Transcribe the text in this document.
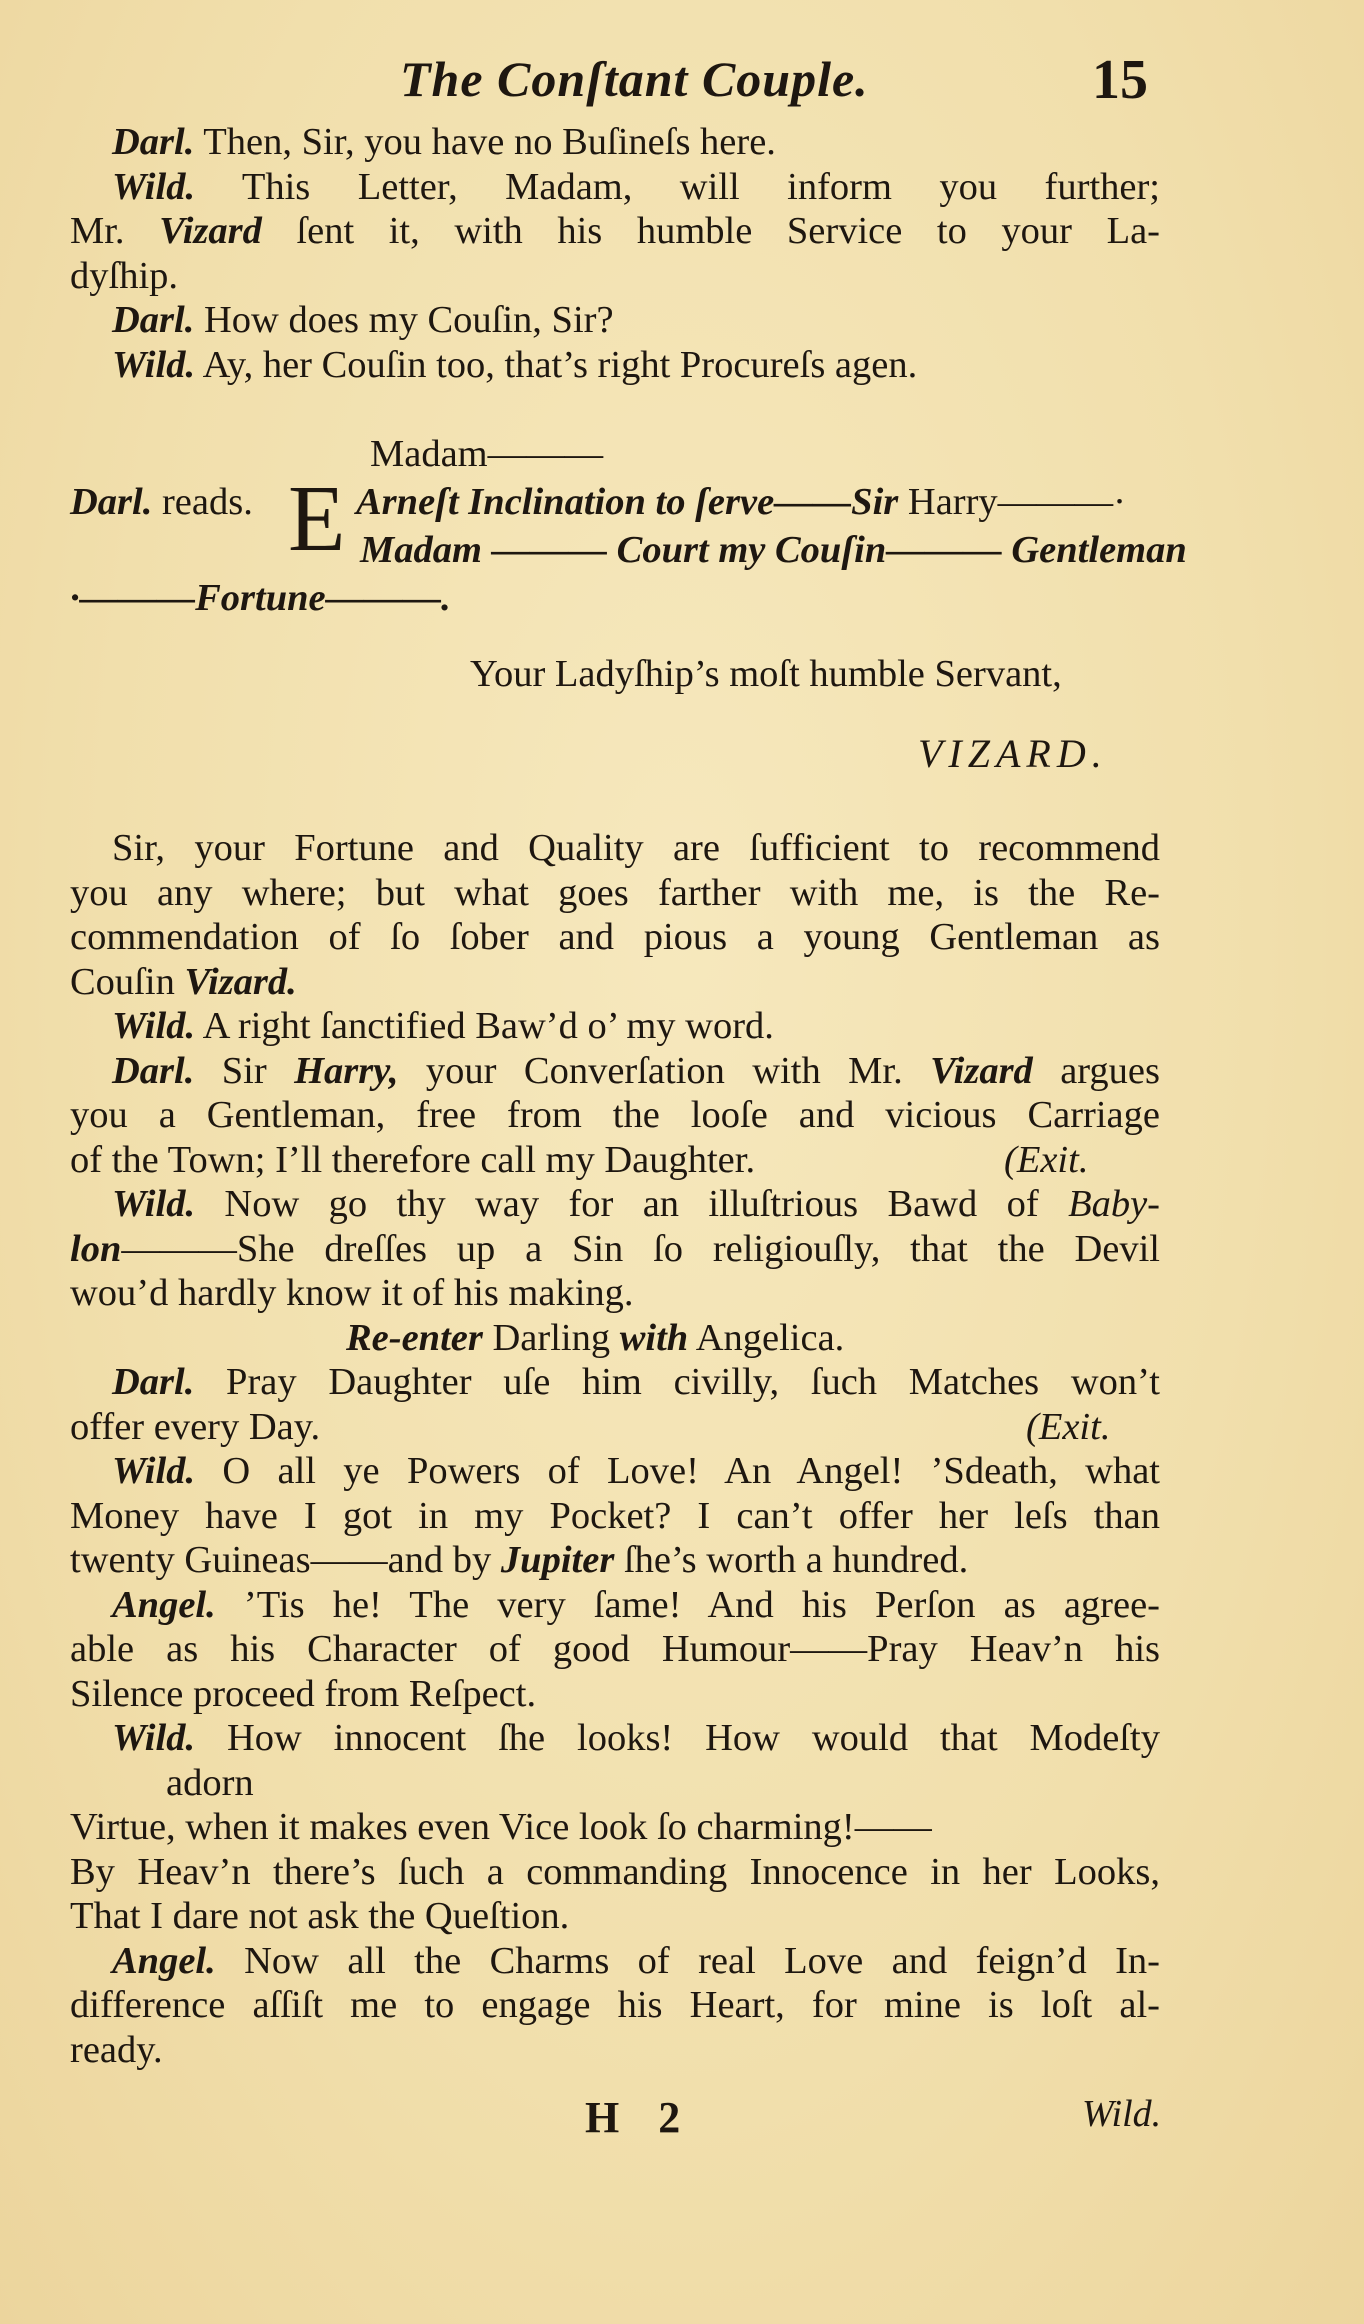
The Conſtant Couple.	15
Darl. Then, Sir, you have no Buſineſs here.
Wild. This Letter, Madam, will inform you further;
Mr. Vizard ſent it, with his humble Service to your La-
dyſhip.
Darl. How does my Couſin, Sir?
Wild. Ay, her Couſin too, that’s right Procureſs agen.
Madam———
Darl. reads. E Arneſt Inclination to ſerve——Sir Harry———·
Madam ——— Court my Couſin——— Gentleman
·———Fortune———.
Your Ladyſhip’s moſt humble Servant,
VIZARD.
Sir, your Fortune and Quality are ſufficient to recommend
you any where; but what goes farther with me, is the Re-
commendation of ſo ſober and pious a young Gentleman as
Couſin Vizard.
Wild. A right ſanctified Baw’d o’ my word.
Darl. Sir Harry, your Converſation with Mr. Vizard argues
you a Gentleman, free from the looſe and vicious Carriage
of the Town; I’ll therefore call my Daughter.	(Exit.
Wild. Now go thy way for an illuſtrious Bawd of Baby-
lon———She dreſſes up a Sin ſo religiouſly, that the Devil
wou’d hardly know it of his making.
Re-enter Darling with Angelica.
Darl. Pray Daughter uſe him civilly, ſuch Matches won’t
offer every Day.	(Exit.
Wild. O all ye Powers of Love! An Angel! ’Sdeath, what
Money have I got in my Pocket? I can’t offer her leſs than
twenty Guineas——and by Jupiter ſhe’s worth a hundred.
Angel. ’Tis he! The very ſame! And his Perſon as agree-
able as his Character of good Humour——Pray Heav’n his
Silence proceed from Reſpect.
Wild. How innocent ſhe looks! How would that Modeſty
adorn
Virtue, when it makes even Vice look ſo charming!——
By Heav’n there’s ſuch a commanding Innocence in her Looks,
That I dare not ask the Queſtion.
Angel. Now all the Charms of real Love and feign’d In-
difference aſſiſt me to engage his Heart, for mine is loſt al-
ready.
H 2	Wild.
